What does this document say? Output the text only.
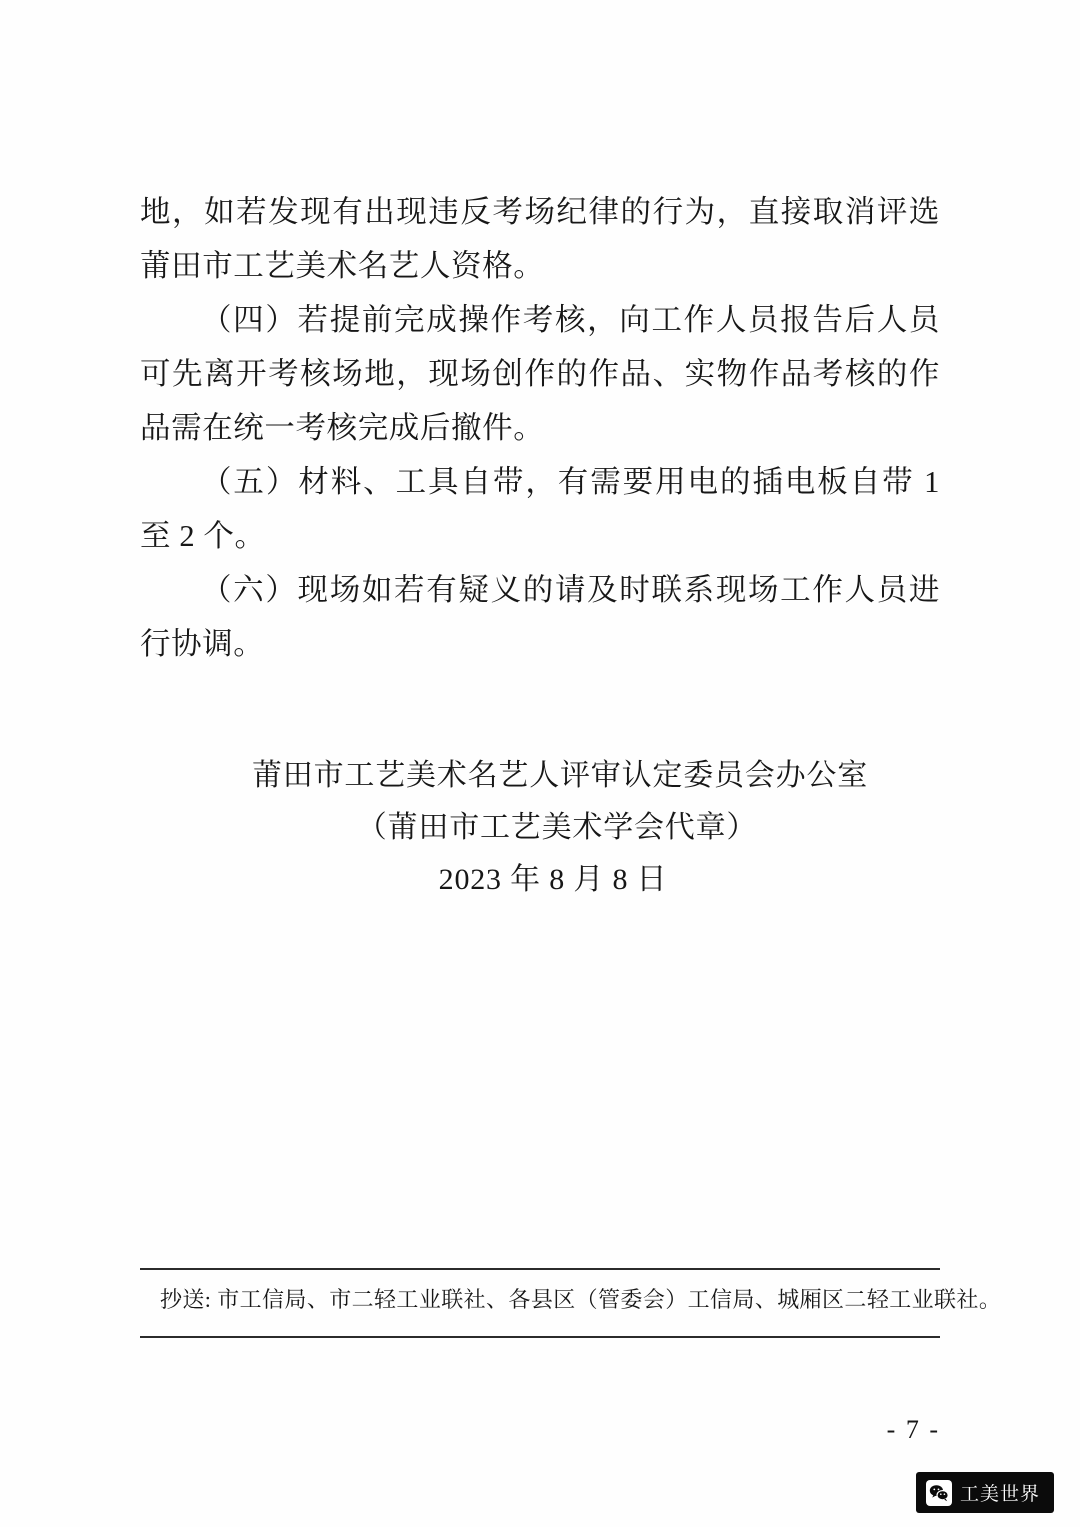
地，如若发现有出现违反考场纪律的行为，直接取消评选莆田市工艺美术名艺人资格。

（四）若提前完成操作考核，向工作人员报告后人员可先离开考核场地，现场创作的作品、实物作品考核的作品需在统一考核完成后撤件。

（五）材料、工具自带，有需要用电的插电板自带 1 至 2 个。

（六）现场如若有疑义的请及时联系现场工作人员进行协调。

莆田市工艺美术名艺人评审认定委员会办公室
（莆田市工艺美术学会代章）
2023 年 8 月 8 日
抄送: 市工信局、市二轻工业联社、各县区（管委会）工信局、城厢区二轻工业联社。
- 7 -
工美世界
